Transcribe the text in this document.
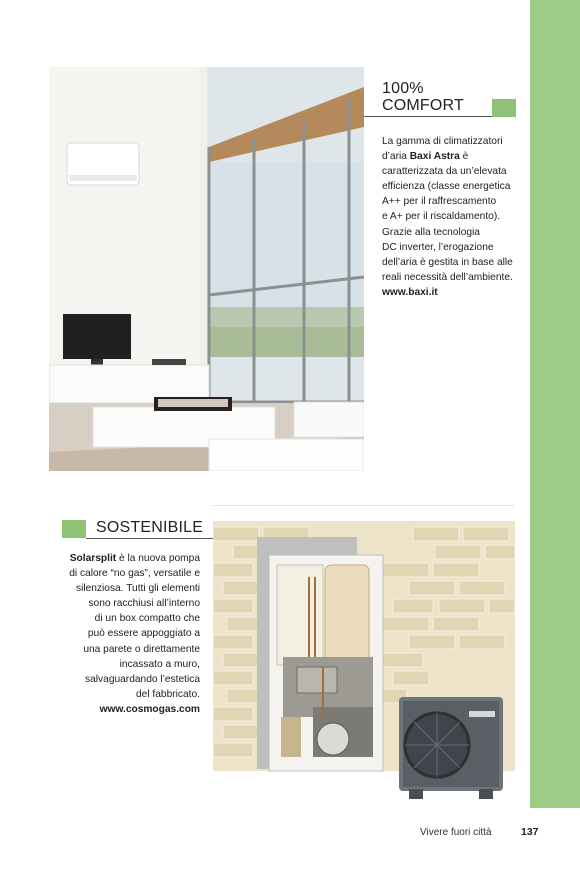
100%
COMFORT
La gamma di climatizzatori
d’aria Baxi Astra è
caratterizzata da un’elevata
efficienza (classe energetica
A++ per il raffrescamento
e A+ per il riscaldamento).
Grazie alla tecnologia
DC inverter, l’erogazione
dell’aria è gestita in base alle
reali necessità dell’ambiente.
www.baxi.it
SOSTENIBILE
Solarsplit è la nuova pompa
di calore “no gas”, versatile e
silenziosa. Tutti gli elementi
sono racchiusi all’interno
di un box compatto che
può essere appoggiato a
una parete o direttamente
incassato a muro,
salvaguardando l’estetica
del fabbricato.
www.cosmogas.com
Vivere fuori città	137
